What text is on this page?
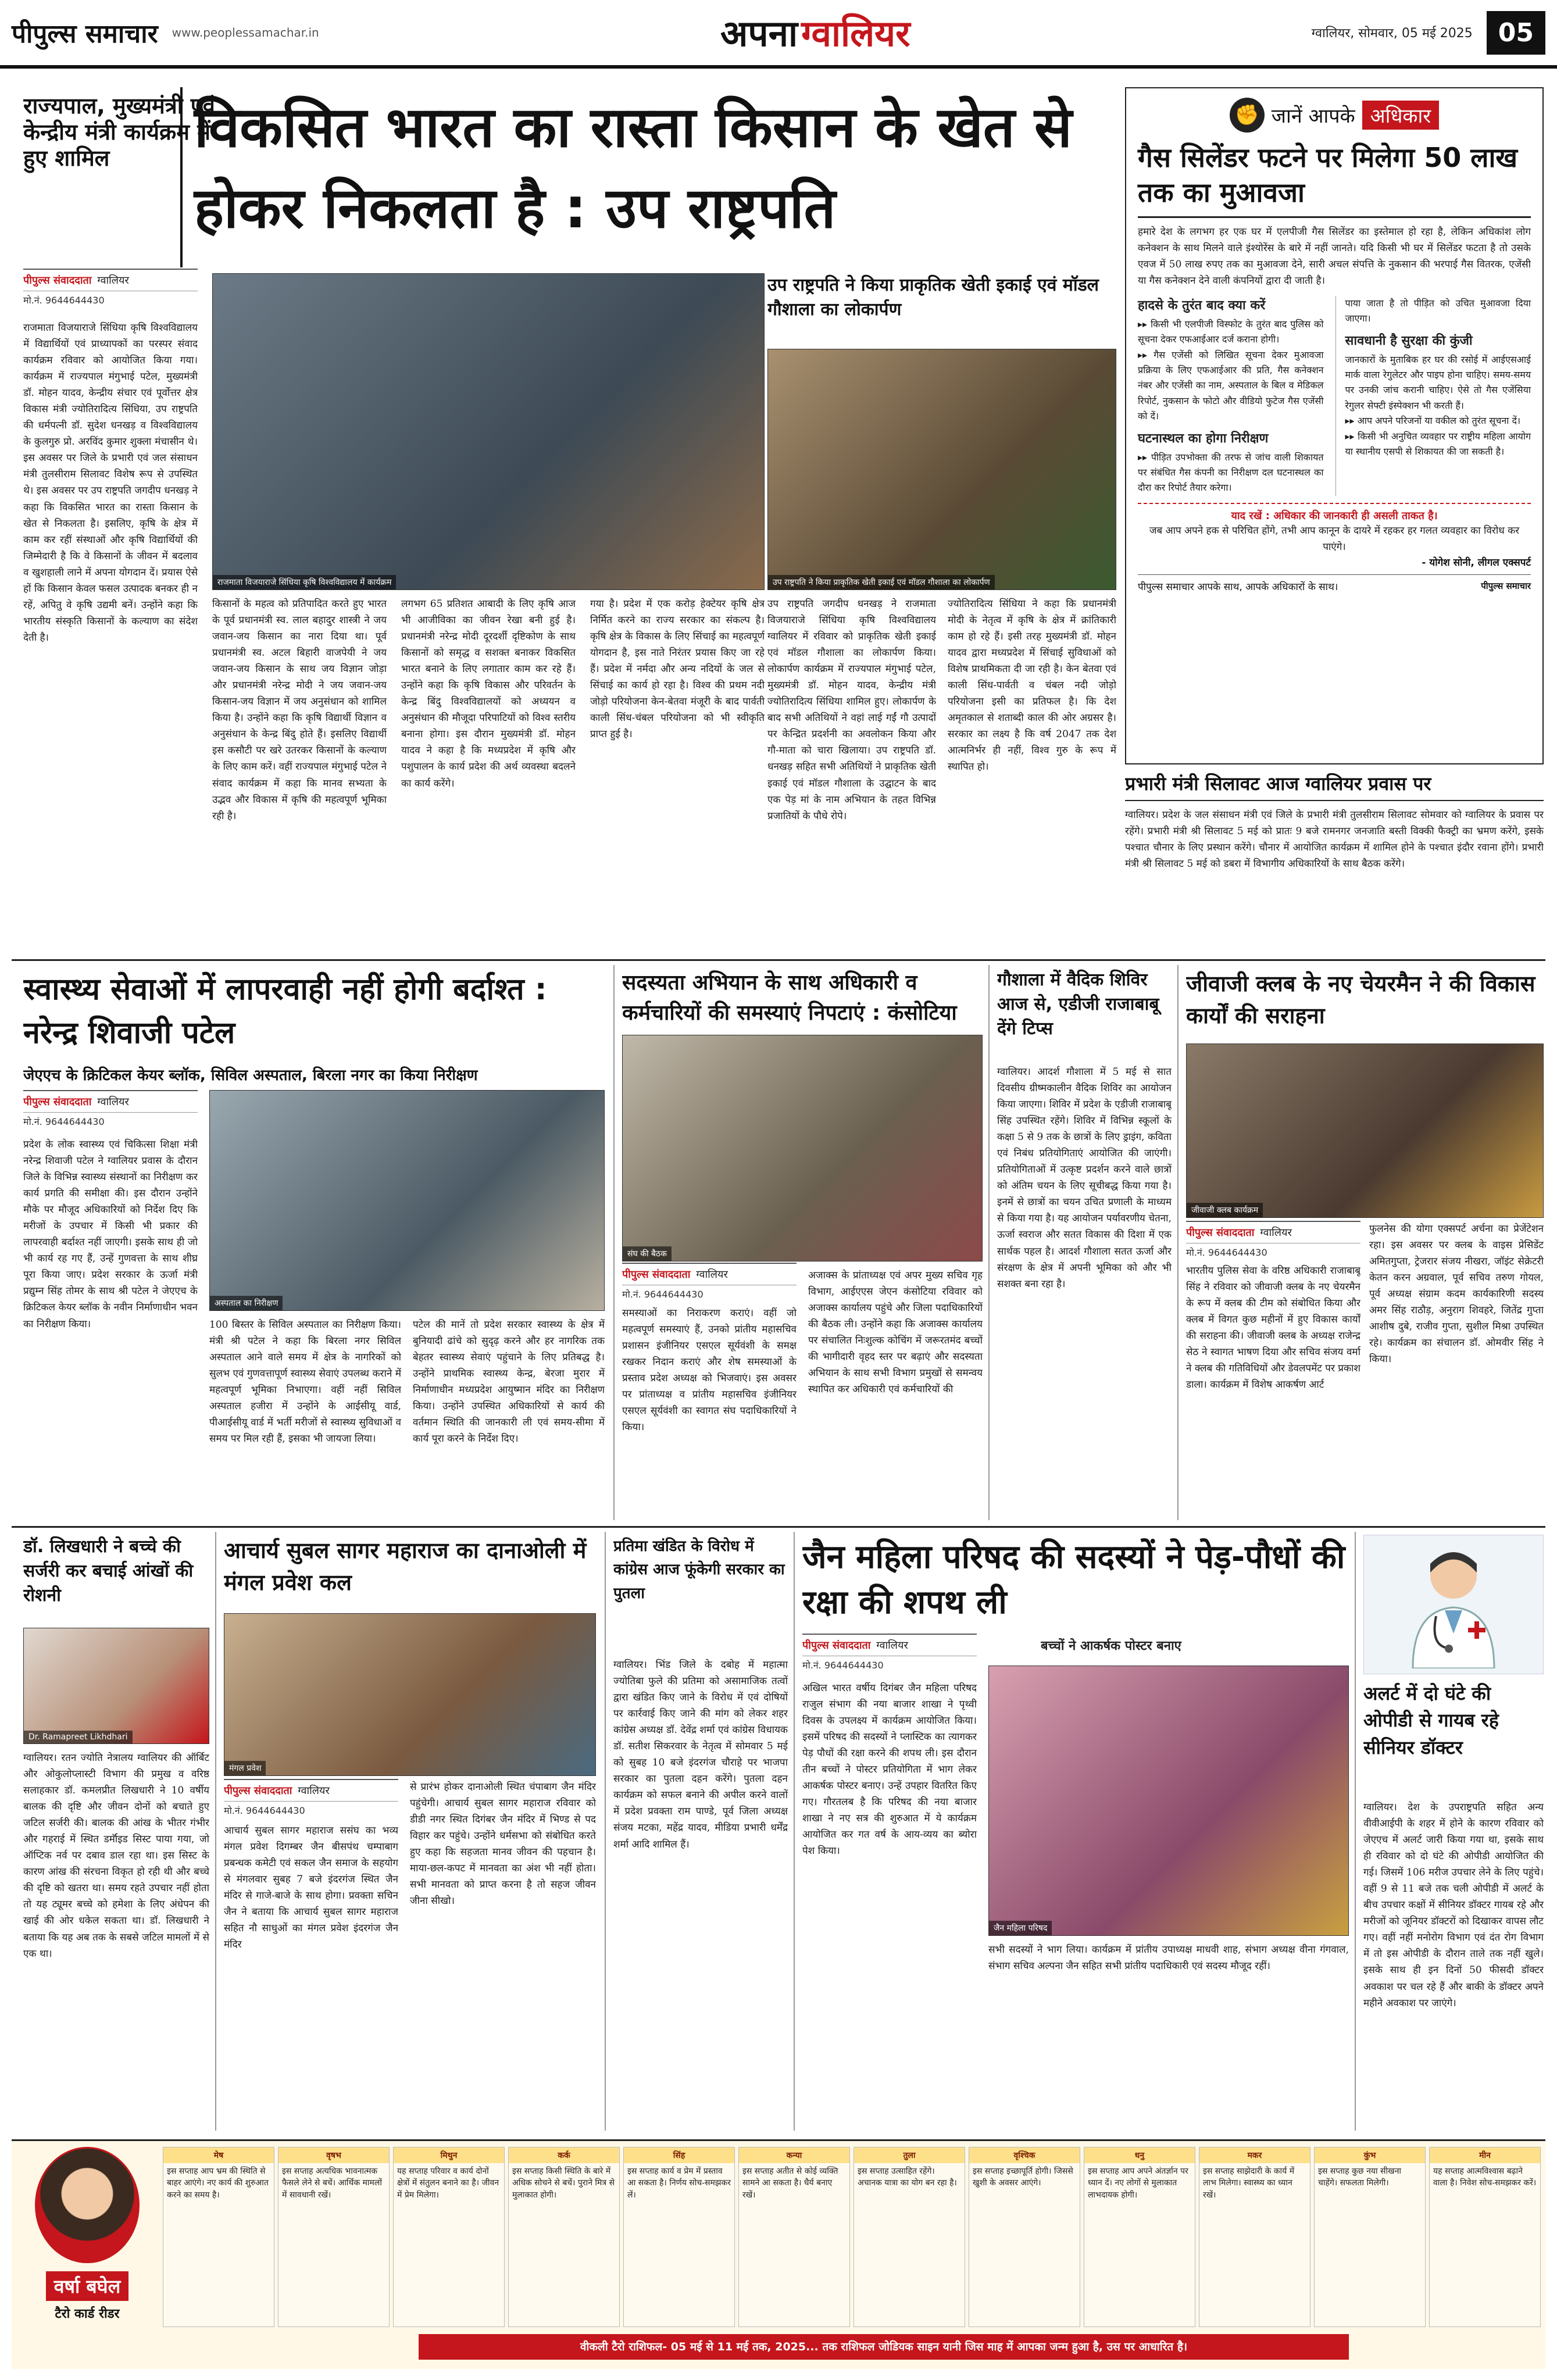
पीपुल्स समाचार www.peoplessamachar.in	अपना ग्वालियर	ग्वालियर, सोमवार, 05 मई 2025	05
राज्यपाल, मुख्यमंत्री एवं केन्द्रीय मंत्री कार्यक्रम में हुए शामिल	विकसित भारत का रास्ता किसान के खेत से होकर निकलता है : उप राष्ट्रपति
पीपुल्स संवाददाता ग्वालियर
मो.नं. 9644644430
राजमाता विजयाराजे सिंधिया कृषि विश्वविद्यालय में विद्यार्थियों एवं प्राध्यापकों का परस्पर संवाद कार्यक्रम रविवार को आयोजित किया गया। कार्यक्रम में राज्यपाल मंगुभाई पटेल, मुख्यमंत्री डॉ. मोहन यादव, केन्द्रीय संचार एवं पूर्वोत्तर क्षेत्र विकास मंत्री ज्योतिरादित्य सिंधिया, उप राष्ट्रपति की धर्मपत्नी डॉ. सुदेश धनखड़ व विश्वविद्यालय के कुलगुरु प्रो. अरविंद कुमार शुक्ला मंचासीन थे। इस अवसर पर जिले के प्रभारी एवं जल संसाधन मंत्री तुलसीराम सिलावट विशेष रूप से उपस्थित थे। इस अवसर पर उप राष्ट्रपति जगदीप धनखड़ ने कहा कि विकसित भारत का रास्ता किसान के खेत से निकलता है। इसलिए, कृषि के क्षेत्र में काम कर रहीं संस्थाओं और कृषि विद्यार्थियों की जिम्मेदारी है कि वे किसानों के जीवन में बदलाव व खुशहाली लाने में अपना योगदान दें। प्रयास ऐसे हों कि किसान केवल फसल उत्पादक बनकर ही न रहें, अपितु वे कृषि उद्यमी बनें। उन्होंने कहा कि भारतीय संस्कृति किसानों के कल्याण का संदेश देती है।
राजमाता विजयाराजे सिंधिया कृषि विश्वविद्यालय में कार्यक्रम
उप राष्ट्रपति ने किया प्राकृतिक खेती इकाई एवं मॉडल गौशाला का लोकार्पण
उप राष्ट्रपति ने किया प्राकृतिक खेती इकाई एवं मॉडल गौशाला का लोकार्पण
किसानों के महत्व को प्रतिपादित करते हुए भारत के पूर्व प्रधानमंत्री स्व. लाल बहादुर शास्त्री ने जय जवान-जय किसान का नारा दिया था। पूर्व प्रधानमंत्री स्व. अटल बिहारी वाजपेयी ने जय जवान-जय किसान के साथ जय विज्ञान जोड़ा और प्रधानमंत्री नरेन्द्र मोदी ने जय जवान-जय किसान-जय विज्ञान में जय अनुसंधान को शामिल किया है। उन्होंने कहा कि कृषि विद्यार्थी विज्ञान व अनुसंधान के केन्द्र बिंदु होते हैं। इसलिए विद्यार्थी इस कसौटी पर खरे उतरकर किसानों के कल्याण के लिए काम करें। वहीं राज्यपाल मंगुभाई पटेल ने संवाद कार्यक्रम में कहा कि मानव सभ्यता के उद्भव और विकास में कृषि की महत्वपूर्ण भूमिका रही है।
लगभग 65 प्रतिशत आबादी के लिए कृषि आज भी आजीविका का जीवन रेखा बनी हुई है। प्रधानमंत्री नरेन्द्र मोदी दूरदर्शी दृष्टिकोण के साथ किसानों को समृद्ध व सशक्त बनाकर विकसित भारत बनाने के लिए लगातार काम कर रहे हैं। उन्होंने कहा कि कृषि विकास और परिवर्तन के केन्द्र बिंदु विश्वविद्यालयों को अध्ययन व अनुसंधान की मौजूदा परिपाटियों को विश्व स्तरीय बनाना होगा। इस दौरान मुख्यमंत्री डॉ. मोहन यादव ने कहा है कि मध्यप्रदेश में कृषि और पशुपालन के कार्य प्रदेश की अर्थ व्यवस्था बदलने का कार्य करेंगे।
गया है। प्रदेश में एक करोड़ हेक्टेयर कृषि क्षेत्र निर्मित करने का राज्य सरकार का संकल्प है। कृषि क्षेत्र के विकास के लिए सिंचाई का महत्वपूर्ण योगदान है, इस नाते निरंतर प्रयास किए जा रहे हैं। प्रदेश में नर्मदा और अन्य नदियों के जल से सिंचाई का कार्य हो रहा है। विश्व की प्रथम नदी जोड़ो परियोजना केन-बेतवा मंजूरी के बाद पार्वती काली सिंध-चंबल परियोजना को भी स्वीकृति प्राप्त हुई है।
उप राष्ट्रपति जगदीप धनखड़ ने राजमाता विजयाराजे सिंधिया कृषि विश्वविद्यालय ग्वालियर में रविवार को प्राकृतिक खेती इकाई एवं मॉडल गौशाला का लोकार्पण किया। लोकार्पण कार्यक्रम में राज्यपाल मंगुभाई पटेल, मुख्यमंत्री डॉ. मोहन यादव, केन्द्रीय मंत्री ज्योतिरादित्य सिंधिया शामिल हुए। लोकार्पण के बाद सभी अतिथियों ने वहां लाई गईं गौ उत्पादों पर केन्द्रित प्रदर्शनी का अवलोकन किया और गौ-माता को चारा खिलाया। उप राष्ट्रपति डॉ. धनखड़ सहित सभी अतिथियों ने प्राकृतिक खेती इकाई एवं मॉडल गौशाला के उद्घाटन के बाद एक पेड़ मां के नाम अभियान के तहत विभिन्न प्रजातियों के पौधे रोपे।
ज्योतिरादित्य सिंधिया ने कहा कि प्रधानमंत्री मोदी के नेतृत्व में कृषि के क्षेत्र में क्रांतिकारी काम हो रहे हैं। इसी तरह मुख्यमंत्री डॉ. मोहन यादव द्वारा मध्यप्रदेश में सिंचाई सुविधाओं को विशेष प्राथमिकता दी जा रही है। केन बेतवा एवं काली सिंध-पार्वती व चंबल नदी जोड़ो परियोजना इसी का प्रतिफल है। कि देश अमृतकाल से शताब्दी काल की ओर अग्रसर है। सरकार का लक्ष्य है कि वर्ष 2047 तक देश आत्मनिर्भर ही नहीं, विश्व गुरु के रूप में स्थापित हो।
✊ जानें आपके अधिकार
गैस सिलेंडर फटने पर मिलेगा 50 लाख तक का मुआवजा
हमारे देश के लगभग हर एक घर में एलपीजी गैस सिलेंडर का इस्तेमाल हो रहा है, लेकिन अधिकांश लोग कनेक्शन के साथ मिलने वाले इंश्योरेंस के बारे में नहीं जानते। यदि किसी भी घर में सिलेंडर फटता है तो उसके एवज में 50 लाख रुपए तक का मुआवजा देने, सारी अचल संपत्ति के नुकसान की भरपाई गैस वितरक, एजेंसी या गैस कनेक्शन देने वाली कंपनियों द्वारा दी जाती है।
हादसे के तुरंत बाद क्या करें
▸▸ किसी भी एलपीजी विस्फोट के तुरंत बाद पुलिस को सूचना देकर एफआईआर दर्ज कराना होगी।
▸▸ गैस एजेंसी को लिखित सूचना देकर मुआवजा प्रक्रिया के लिए एफआईआर की प्रति, गैस कनेक्शन नंबर और एजेंसी का नाम, अस्पताल के बिल व मेडिकल रिपोर्ट, नुकसान के फोटो और वीडियो फुटेज गैस एजेंसी को दें।
घटनास्थल का होगा निरीक्षण
▸▸ पीड़ित उपभोक्ता की तरफ से जांच वाली शिकायत पर संबंधित गैस कंपनी का निरीक्षण दल घटनास्थल का दौरा कर रिपोर्ट तैयार करेगा।
पाया जाता है तो पीड़ित को उचित मुआवजा दिया जाएगा।
सावधानी है सुरक्षा की कुंजी
जानकारों के मुताबिक हर घर की रसोई में आईएसआई मार्क वाला रेगुलेटर और पाइप होना चाहिए। समय-समय पर उनकी जांच करानी चाहिए। ऐसे तो गैस एजेंसिया रेगुलर सेफ्टी इंस्पेक्शन भी करती हैं।
▸▸ आप अपने परिजनों या वकील को तुरंत सूचना दें।
▸▸ किसी भी अनुचित व्यवहार पर राष्ट्रीय महिला आयोग या स्थानीय एसपी से शिकायत की जा सकती है।
याद रखें : अधिकार की जानकारी ही असली ताकत है।
जब आप अपने हक से परिचित होंगे, तभी आप कानून के दायरे में रहकर हर गलत व्यवहार का विरोध कर पाएंगे।
- योगेश सोनी, लीगल एक्सपर्ट
पीपुल्स समाचार आपके साथ, आपके अधिकारों के साथ।	पीपुल्स समाचार
प्रभारी मंत्री सिलावट आज ग्वालियर प्रवास पर
ग्वालियर। प्रदेश के जल संसाधन मंत्री एवं जिले के प्रभारी मंत्री तुलसीराम सिलावट सोमवार को ग्वालियर के प्रवास पर रहेंगे। प्रभारी मंत्री श्री सिलावट 5 मई को प्रातः 9 बजे रामनगर जनजाति बस्ती विक्की फैक्ट्री का भ्रमण करेंगे, इसके पश्चात चौनार के लिए प्रस्थान करेंगे। चौनार में आयोजित कार्यक्रम में शामिल होने के पश्चात इंदौर रवाना होंगे। प्रभारी मंत्री श्री सिलावट 5 मई को डबरा में विभागीय अधिकारियों के साथ बैठक करेंगे।
स्वास्थ्य सेवाओं में लापरवाही नहीं होगी बर्दाश्त : नरेन्द्र शिवाजी पटेल
जेएएच के क्रिटिकल केयर ब्लॉक, सिविल अस्पताल, बिरला नगर का किया निरीक्षण
पीपुल्स संवाददाता ग्वालियर
मो.नं. 9644644430
अस्पताल का निरीक्षण
प्रदेश के लोक स्वास्थ्य एवं चिकित्सा शिक्षा मंत्री नरेन्द्र शिवाजी पटेल ने ग्वालियर प्रवास के दौरान जिले के विभिन्न स्वास्थ्य संस्थानों का निरीक्षण कर कार्य प्रगति की समीक्षा की। इस दौरान उन्होंने मौके पर मौजूद अधिकारियों को निर्देश दिए कि मरीजों के उपचार में किसी भी प्रकार की लापरवाही बर्दाश्त नहीं जाएगी। इसके साथ ही जो भी कार्य रह गए हैं, उन्हें गुणवत्ता के साथ शीघ्र पूरा किया जाए। प्रदेश सरकार के ऊर्जा मंत्री प्रद्युम्न सिंह तोमर के साथ श्री पटेल ने जेएएच के क्रिटिकल केयर ब्लॉक के नवीन निर्माणाधीन भवन का निरीक्षण किया।	100 बिस्तर के सिविल अस्पताल का निरीक्षण किया। मंत्री श्री पटेल ने कहा कि बिरला नगर सिविल अस्पताल आने वाले समय में क्षेत्र के नागरिकों को सुलभ एवं गुणवत्तापूर्ण स्वास्थ्य सेवाएं उपलब्ध कराने में महत्वपूर्ण भूमिका निभाएगा। वहीं नहीं सिविल अस्पताल हजीरा में उन्होंने के आईसीयू वार्ड, पीआईसीयू वार्ड में भर्ती मरीजों से स्वास्थ्य सुविधाओं व समय पर मिल रही हैं, इसका भी जायजा लिया।
पटेल की मानें तो प्रदेश सरकार स्वास्थ्य के क्षेत्र में बुनियादी ढांचे को सुदृढ़ करने और हर नागरिक तक बेहतर स्वास्थ्य सेवाएं पहुंचाने के लिए प्रतिबद्ध है। उन्होंने प्राथमिक स्वास्थ्य केन्द्र, बेरजा मुरार में निर्माणाधीन मध्यप्रदेश आयुष्मान मंदिर का निरीक्षण किया। उन्होंने उपस्थित अधिकारियों से कार्य की वर्तमान स्थिति की जानकारी ली एवं समय-सीमा में कार्य पूरा करने के निर्देश दिए।
सदस्यता अभियान के साथ अधिकारी व कर्मचारियों की समस्याएं निपटाएं : कंसोटिया
संघ की बैठक
पीपुल्स संवाददाता ग्वालियर
मो.नं. 9644644430
समस्याओं का निराकरण कराएं। वहीं जो महत्वपूर्ण समस्याएं हैं, उनको प्रांतीय महासचिव प्रशासन इंजीनियर एसएल सूर्यवंशी के समक्ष रखकर निदान कराएं और शेष समस्याओं के प्रस्ताव प्रदेश अध्यक्ष को भिजवाएं। इस अवसर पर प्रांताध्यक्ष व प्रांतीय महासचिव इंजीनियर एसएल सूर्यवंशी का स्वागत संघ पदाधिकारियों ने किया।
अजाक्स के प्रांताध्यक्ष एवं अपर मुख्य सचिव गृह विभाग, आईएएस जेएन कंसोटिया रविवार को अजाक्स कार्यालय पहुंचे और जिला पदाधिकारियों की बैठक ली। उन्होंने कहा कि अजाक्स कार्यालय पर संचालित निःशुल्क कोचिंग में जरूरतमंद बच्चों की भागीदारी वृहद स्तर पर बढ़ाएं और सदस्यता अभियान के साथ सभी विभाग प्रमुखों से समन्वय स्थापित कर अधिकारी एवं कर्मचारियों की
गौशाला में वैदिक शिविर आज से, एडीजी राजाबाबू देंगे टिप्स
ग्वालियर। आदर्श गौशाला में 5 मई से सात दिवसीय ग्रीष्मकालीन वैदिक शिविर का आयोजन किया जाएगा। शिविर में प्रदेश के एडीजी राजाबाबू सिंह उपस्थित रहेंगे। शिविर में विभिन्न स्कूलों के कक्षा 5 से 9 तक के छात्रों के लिए ड्राइंग, कविता एवं निबंध प्रतियोगिताएं आयोजित की जाएंगी। प्रतियोगिताओं में उत्कृष्ट प्रदर्शन करने वाले छात्रों को अंतिम चयन के लिए सूचीबद्ध किया गया है। इनमें से छात्रों का चयन उचित प्रणाली के माध्यम से किया गया है। यह आयोजन पर्यावरणीय चेतना, ऊर्जा स्वराज और सतत विकास की दिशा में एक सार्थक पहल है। आदर्श गौशाला सतत ऊर्जा और संरक्षण के क्षेत्र में अपनी भूमिका को और भी सशक्त बना रहा है।
जीवाजी क्लब के नए चेयरमैन ने की विकास कार्यों की सराहना
जीवाजी क्लब कार्यक्रम
पीपुल्स संवाददाता ग्वालियर
मो.नं. 9644644430
भारतीय पुलिस सेवा के वरिष्ठ अधिकारी राजाबाबू सिंह ने रविवार को जीवाजी क्लब के नए चेयरमैन के रूप में क्लब की टीम को संबोधित किया और क्लब में विगत कुछ महीनों में हुए विकास कार्यों की सराहना की। जीवाजी क्लब के अध्यक्ष राजेन्द्र सेठ ने स्वागत भाषण दिया और सचिव संजय वर्मा ने क्लब की गतिविधियों और डेवलपमेंट पर प्रकाश डाला। कार्यक्रम में विशेष आकर्षण आर्ट
फुलनेस की योगा एक्सपर्ट अर्चना का प्रेजेंटेशन रहा। इस अवसर पर क्लब के वाइस प्रेसिडेंट अमितगुप्ता, ट्रेजरार संजय नीखरा, जॉइंट सेक्रेटरी केतन करन अग्रवाल, पूर्व सचिव तरुण गोयल, पूर्व अध्यक्ष संग्राम कदम कार्यकारिणी सदस्य अमर सिंह राठौड़, अनुराग शिवहरे, जितेंद्र गुप्ता आशीष दुबे, राजीव गुप्ता, सुशील मिश्रा उपस्थित रहे। कार्यक्रम का संचालन डॉ. ओमवीर सिंह ने किया।
डॉ. लिखधारी ने बच्चे की सर्जरी कर बचाई आंखों की रोशनी
Dr. Ramapreet Likhdhari
ग्वालियर। रतन ज्योति नेत्रालय ग्वालियर की ऑर्बिट और ओकुलोप्लास्टी विभाग की प्रमुख व वरिष्ठ सलाहकार डॉ. कमलप्रीत लिखधारी ने 10 वर्षीय बालक की दृष्टि और जीवन दोनों को बचाते हुए जटिल सर्जरी की। बालक की आंख के भीतर गंभीर और गहराई में स्थित डर्मॉइड सिस्ट पाया गया, जो ऑप्टिक नर्व पर दबाव डाल रहा था। इस सिस्ट के कारण आंख की संरचना विकृत हो रही थी और बच्चे की दृष्टि को खतरा था। समय रहते उपचार नहीं होता तो यह ट्यूमर बच्चे को हमेशा के लिए अंधेपन की खाई की ओर धकेल सकता था। डॉ. लिखधारी ने बताया कि यह अब तक के सबसे जटिल मामलों में से एक था।
आचार्य सुबल सागर महाराज का दानाओली में मंगल प्रवेश कल
मंगल प्रवेश
पीपुल्स संवाददाता ग्वालियर
मो.नं. 9644644430
आचार्य सुबल सागर महाराज ससंघ का भव्य मंगल प्रवेश दिगम्बर जैन बीसपंथ चम्पाबाग प्रबन्धक कमेटी एवं सकल जैन समाज के सहयोग से मंगलवार सुबह 7 बजे इंदरगंज स्थित जैन मंदिर से गाजे-बाजे के साथ होगा। प्रवक्ता सचिन जैन ने बताया कि आचार्य सुबल सागर महाराज सहित नौ साधुओं का मंगल प्रवेश इंदरगंज जैन मंदिर
से प्रारंभ होकर दानाओली स्थित चंपाबाग जैन मंदिर पहुंचेगी। आचार्य सुबल सागर महाराज रविवार को डीडी नगर स्थित दिगंबर जैन मंदिर में भिण्ड से पद विहार कर पहुंचे। उन्होंने धर्मसभा को संबोधित करते हुए कहा कि सहजता मानव जीवन की पहचान है। माया-छल-कपट में मानवता का अंश भी नहीं होता। सभी मानवता को प्राप्त करना है तो सहज जीवन जीना सीखो।
प्रतिमा खंडित के विरोध में कांग्रेस आज फूंकेगी सरकार का पुतला
ग्वालियर। भिंड जिले के दबोह में महात्मा ज्योतिबा फुले की प्रतिमा को असामाजिक तत्वों द्वारा खंडित किए जाने के विरोध में एवं दोषियों पर कार्रवाई किए जाने की मांग को लेकर शहर कांग्रेस अध्यक्ष डॉ. देवेंद्र शर्मा एवं कांग्रेस विधायक डॉ. सतीश सिकरवार के नेतृत्व में सोमवार 5 मई को सुबह 10 बजे इंदरगंज चौराहे पर भाजपा सरकार का पुतला दहन करेंगे। पुतला दहन कार्यक्रम को सफल बनाने की अपील करने वालों में प्रदेश प्रवक्ता राम पाण्डे, पूर्व जिला अध्यक्ष संजय मटका, महेंद्र यादव, मीडिया प्रभारी धर्मेंद्र शर्मा आदि शामिल हैं।
जैन महिला परिषद की सदस्यों ने पेड़-पौधों की रक्षा की शपथ ली
पीपुल्स संवाददाता ग्वालियर
मो.नं. 9644644430
बच्चों ने आकर्षक पोस्टर बनाए
अखिल भारत वर्षीय दिगंबर जैन महिला परिषद राजुल संभाग की नया बाजार शाखा ने पृथ्वी दिवस के उपलक्ष्य में कार्यक्रम आयोजित किया। इसमें परिषद की सदस्यों ने प्लास्टिक का त्यागकर पेड़ पौधों की रक्षा करने की शपथ ली। इस दौरान तीन बच्चों ने पोस्टर प्रतियोगिता में भाग लेकर आकर्षक पोस्टर बनाए। उन्हें उपहार वितरित किए गए। गौरतलब है कि परिषद की नया बाजार शाखा ने नए सत्र की शुरुआत में ये कार्यक्रम आयोजित कर गत वर्ष के आय-व्यय का ब्योरा पेश किया।
जैन महिला परिषद
सभी सदस्यों ने भाग लिया। कार्यक्रम में प्रांतीय उपाध्यक्ष माधवी शाह, संभाग अध्यक्ष वीना गंगवाल, संभाग सचिव अल्पना जैन सहित सभी प्रांतीय पदाधिकारी एवं सदस्य मौजूद रहीं।
अलर्ट में दो घंटे की ओपीडी से गायब रहे सीनियर डॉक्टर
ग्वालियर। देश के उपराष्ट्रपति सहित अन्य वीवीआईपी के शहर में होने के कारण रविवार को जेएएच में अलर्ट जारी किया गया था, इसके साथ ही रविवार को दो घंटे की ओपीडी आयोजित की गई। जिसमें 106 मरीज उपचार लेने के लिए पहुंचे। वहीं 9 से 11 बजे तक चली ओपीडी में अलर्ट के बीच उपचार कक्षों में सीनियर डॉक्टर गायब रहे और मरीजों को जूनियर डॉक्टरों को दिखाकर वापस लौट गए। वहीं नहीं मनोरोग विभाग एवं दंत रोग विभाग में तो इस ओपीडी के दौरान ताले तक नहीं खुले। इसके साथ ही इन दिनों 50 फीसदी डॉक्टर अवकाश पर चल रहे हैं और बाकी के डॉक्टर अपने महीने अवकाश पर जाएंगे।
वर्षा बघेल
टैरो कार्ड रीडर
मेष
इस सप्ताह आप भ्रम की स्थिति से बाहर आएंगे। नए कार्य की शुरुआत करने का समय है।
वृषभ
इस सप्ताह अत्यधिक भावनात्मक फैसले लेने से बचें। आर्थिक मामलों में सावधानी रखें।
मिथुन
यह सप्ताह परिवार व कार्य दोनों क्षेत्रों में संतुलन बनाने का है। जीवन में प्रेम मिलेगा।
कर्क
इस सप्ताह किसी स्थिति के बारे में अधिक सोचने से बचें। पुराने मित्र से मुलाकात होगी।
सिंह
इस सप्ताह कार्य व प्रेम में प्रस्ताव आ सकता है। निर्णय सोच-समझकर लें।
कन्या
इस सप्ताह अतीत से कोई व्यक्ति सामने आ सकता है। धैर्य बनाए रखें।
तुला
इस सप्ताह उत्साहित रहेंगे। अचानक यात्रा का योग बन रहा है।
वृश्चिक
इस सप्ताह इच्छापूर्ति होगी। जिससे खुशी के अवसर आएंगे।
धनु
इस सप्ताह आप अपने अंतर्ज्ञान पर ध्यान दें। नए लोगों से मुलाकात लाभदायक होगी।
मकर
इस सप्ताह साझेदारी के कार्य में लाभ मिलेगा। स्वास्थ्य का ध्यान रखें।
कुंभ
इस सप्ताह कुछ नया सीखना चाहेंगे। सफलता मिलेगी।
मीन
यह सप्ताह आत्मविश्वास बढ़ाने वाला है। निवेश सोच-समझकर करें।
वीकली टैरो राशिफल- 05 मई से 11 मई तक, 2025... तक राशिफल जोडियक साइन यानी जिस माह में आपका जन्म हुआ है, उस पर आधारित है।
